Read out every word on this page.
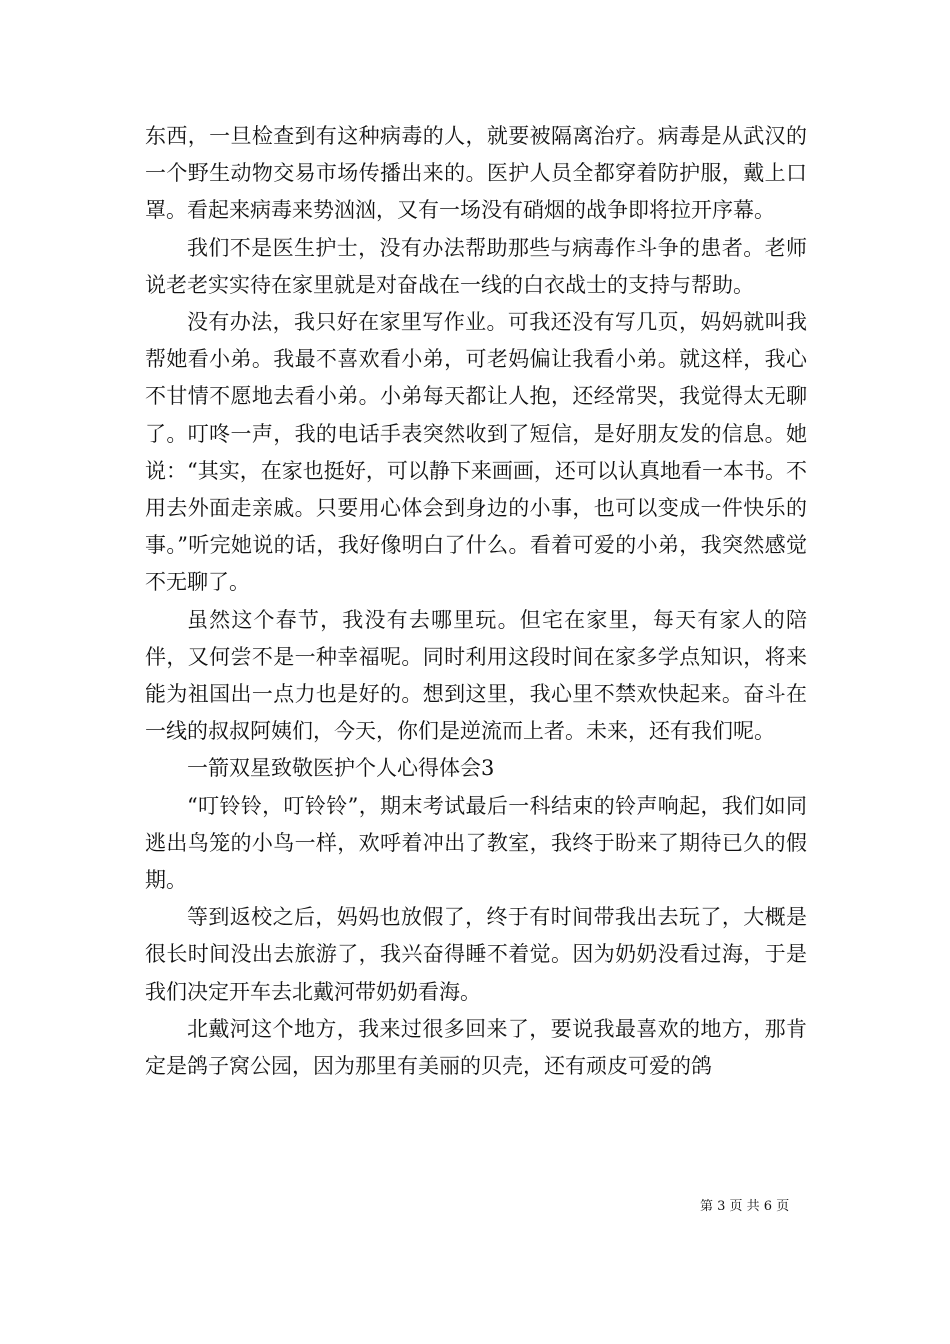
东西，一旦检查到有这种病毒的人，就要被隔离治疗。病毒是从武汉的一个野生动物交易市场传播出来的。医护人员全都穿着防护服，戴上口罩。看起来病毒来势汹汹，又有一场没有硝烟的战争即将拉开序幕。

我们不是医生护士，没有办法帮助那些与病毒作斗争的患者。老师说老老实实待在家里就是对奋战在一线的白衣战士的支持与帮助。

没有办法，我只好在家里写作业。可我还没有写几页，妈妈就叫我帮她看小弟。我最不喜欢看小弟，可老妈偏让我看小弟。就这样，我心不甘情不愿地去看小弟。小弟每天都让人抱，还经常哭，我觉得太无聊了。叮咚一声，我的电话手表突然收到了短信，是好朋友发的信息。她说：“其实，在家也挺好，可以静下来画画，还可以认真地看一本书。不用去外面走亲戚。只要用心体会到身边的小事，也可以变成一件快乐的事。”听完她说的话，我好像明白了什么。看着可爱的小弟，我突然感觉不无聊了。

虽然这个春节，我没有去哪里玩。但宅在家里，每天有家人的陪伴，又何尝不是一种幸福呢。同时利用这段时间在家多学点知识，将来能为祖国出一点力也是好的。想到这里，我心里不禁欢快起来。奋斗在一线的叔叔阿姨们，今天，你们是逆流而上者。未来，还有我们呢。

一箭双星致敬医护个人心得体会3

“叮铃铃，叮铃铃”，期末考试最后一科结束的铃声响起，我们如同逃出鸟笼的小鸟一样，欢呼着冲出了教室，我终于盼来了期待已久的假期。

等到返校之后，妈妈也放假了，终于有时间带我出去玩了，大概是很长时间没出去旅游了，我兴奋得睡不着觉。因为奶奶没看过海，于是我们决定开车去北戴河带奶奶看海。

北戴河这个地方，我来过很多回来了，要说我最喜欢的地方，那肯定是鸽子窝公园，因为那里有美丽的贝壳，还有顽皮可爱的鸽

第 3 页 共 6 页
